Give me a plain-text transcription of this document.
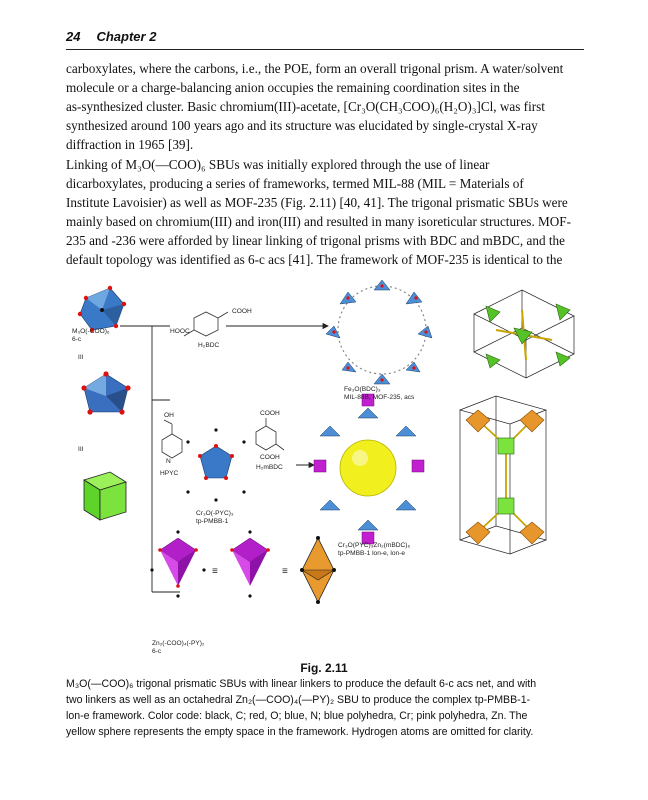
24 Chapter 2

carboxylates, where the carbons, i.e., the POE, form an overall trigonal prism. A water/solvent
molecule or a charge-balancing anion occupies the remaining coordination sites in the
as-synthesized cluster. Basic chromium(III)-acetate, [Cr₃O(CH₃COO)₆(H₂O)₃]Cl, was first
synthesized around 100 years ago and its structure was elucidated by single-crystal X-ray
diffraction in 1965 [39].

Linking of M₃O(—COO)₆ SBUs was initially explored through the use of linear
dicarboxylates, producing a series of frameworks, termed MIL-88 (MIL = Materials of
Institute Lavoisier) as well as MOF-235 (Fig. 2.11) [40, 41]. The trigonal prismatic SBUs were
mainly based on chromium(III) and iron(III) and resulted in many isoreticular structures. MOF-
235 and -236 were afforded by linear linking of trigonal prisms with BDC and mBDC, and the
default topology was identified as 6-c acs [41]. The framework of MOF-235 is identical to the

M₃O(-COO)₆
6-c
III
III
COOH
HOOC
H₂BDC
Fe₃O(BDC)₃
MIL-88B, MOF-235, acs
OH
N
HPYC
COOH
COOH
H₂mBDC
Cr₃O(-PYC)₃
tp-PMBB-1
Cr₃O(PYC)₃Zn₂(mBDC)₆
tp-PMBB-1 lon-e, lon-e
Zn₂(-COO)₄(-PY)₂
6-c
≡	≡
Fig. 2.11
M₃O(—COO)₆ trigonal prismatic SBUs with linear linkers to produce the default 6-c acs net, and with
two linkers as well as an octahedral Zn₂(—COO)₄(—PY)₂ SBU to produce the complex tp-PMBB-1-
lon-e framework. Color code: black, C; red, O; blue, N; blue polyhedra, Cr; pink polyhedra, Zn. The
yellow sphere represents the empty space in the framework. Hydrogen atoms are omitted for clarity.
